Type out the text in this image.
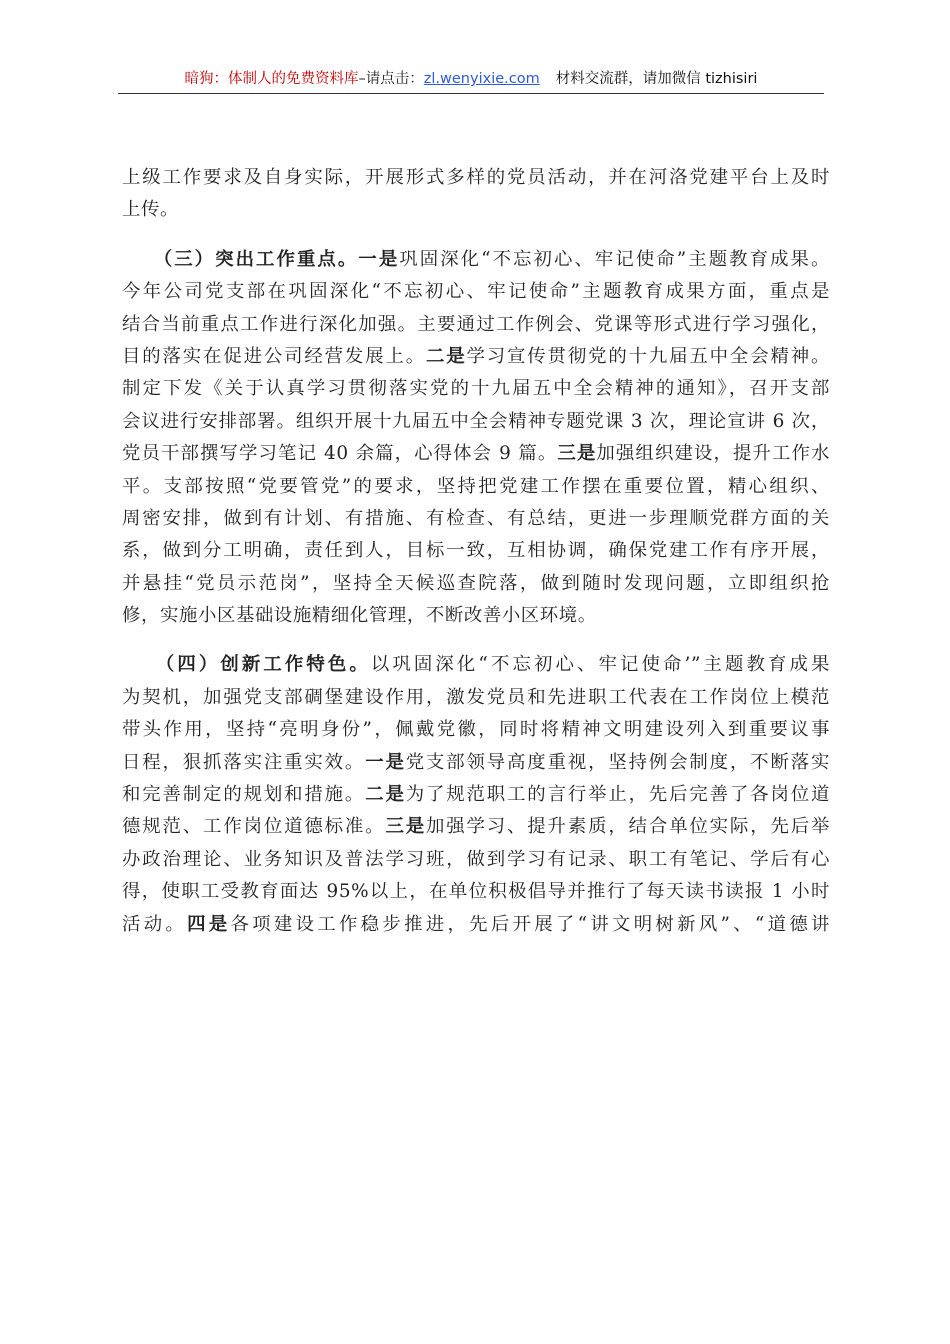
暗狗：体制人的免费资料库–请点击：zl.wenyixie.com 材料交流群，请加微信 tizhisiri
上级工作要求及自身实际，开展形式多样的党员活动，并在河洛党建平台上及时
上传。
　　（三）突出工作重点。一是巩固深化“不忘初心、牢记使命”主题教育成果。
今年公司党支部在巩固深化“不忘初心、牢记使命”主题教育成果方面，重点是
结合当前重点工作进行深化加强。主要通过工作例会、党课等形式进行学习强化，
目的落实在促进公司经营发展上。二是学习宣传贯彻党的十九届五中全会精神。
制定下发《关于认真学习贯彻落实党的十九届五中全会精神的通知》，召开支部
会议进行安排部署。组织开展十九届五中全会精神专题党课 3 次，理论宣讲 6 次，
党员干部撰写学习笔记 40 余篇，心得体会 9 篇。三是加强组织建设，提升工作水
平。支部按照“党要管党”的要求，坚持把党建工作摆在重要位置，精心组织、
周密安排，做到有计划、有措施、有检查、有总结，更进一步理顺党群方面的关
系，做到分工明确，责任到人，目标一致，互相协调，确保党建工作有序开展，
并悬挂“党员示范岗”，坚持全天候巡查院落，做到随时发现问题，立即组织抢
修，实施小区基础设施精细化管理，不断改善小区环境。
　　（四）创新工作特色。以巩固深化“不忘初心、牢记使命’”主题教育成果
为契机，加强党支部碉堡建设作用，激发党员和先进职工代表在工作岗位上模范
带头作用，坚持“亮明身份”，佩戴党徽，同时将精神文明建设列入到重要议事
日程，狠抓落实注重实效。一是党支部领导高度重视，坚持例会制度，不断落实
和完善制定的规划和措施。二是为了规范职工的言行举止，先后完善了各岗位道
德规范、工作岗位道德标准。三是加强学习、提升素质，结合单位实际，先后举
办政治理论、业务知识及普法学习班，做到学习有记录、职工有笔记、学后有心
得，使职工受教育面达 95%以上，在单位积极倡导并推行了每天读书读报 1 小时
活动。四是各项建设工作稳步推进，先后开展了“讲文明树新风”、“道德讲
